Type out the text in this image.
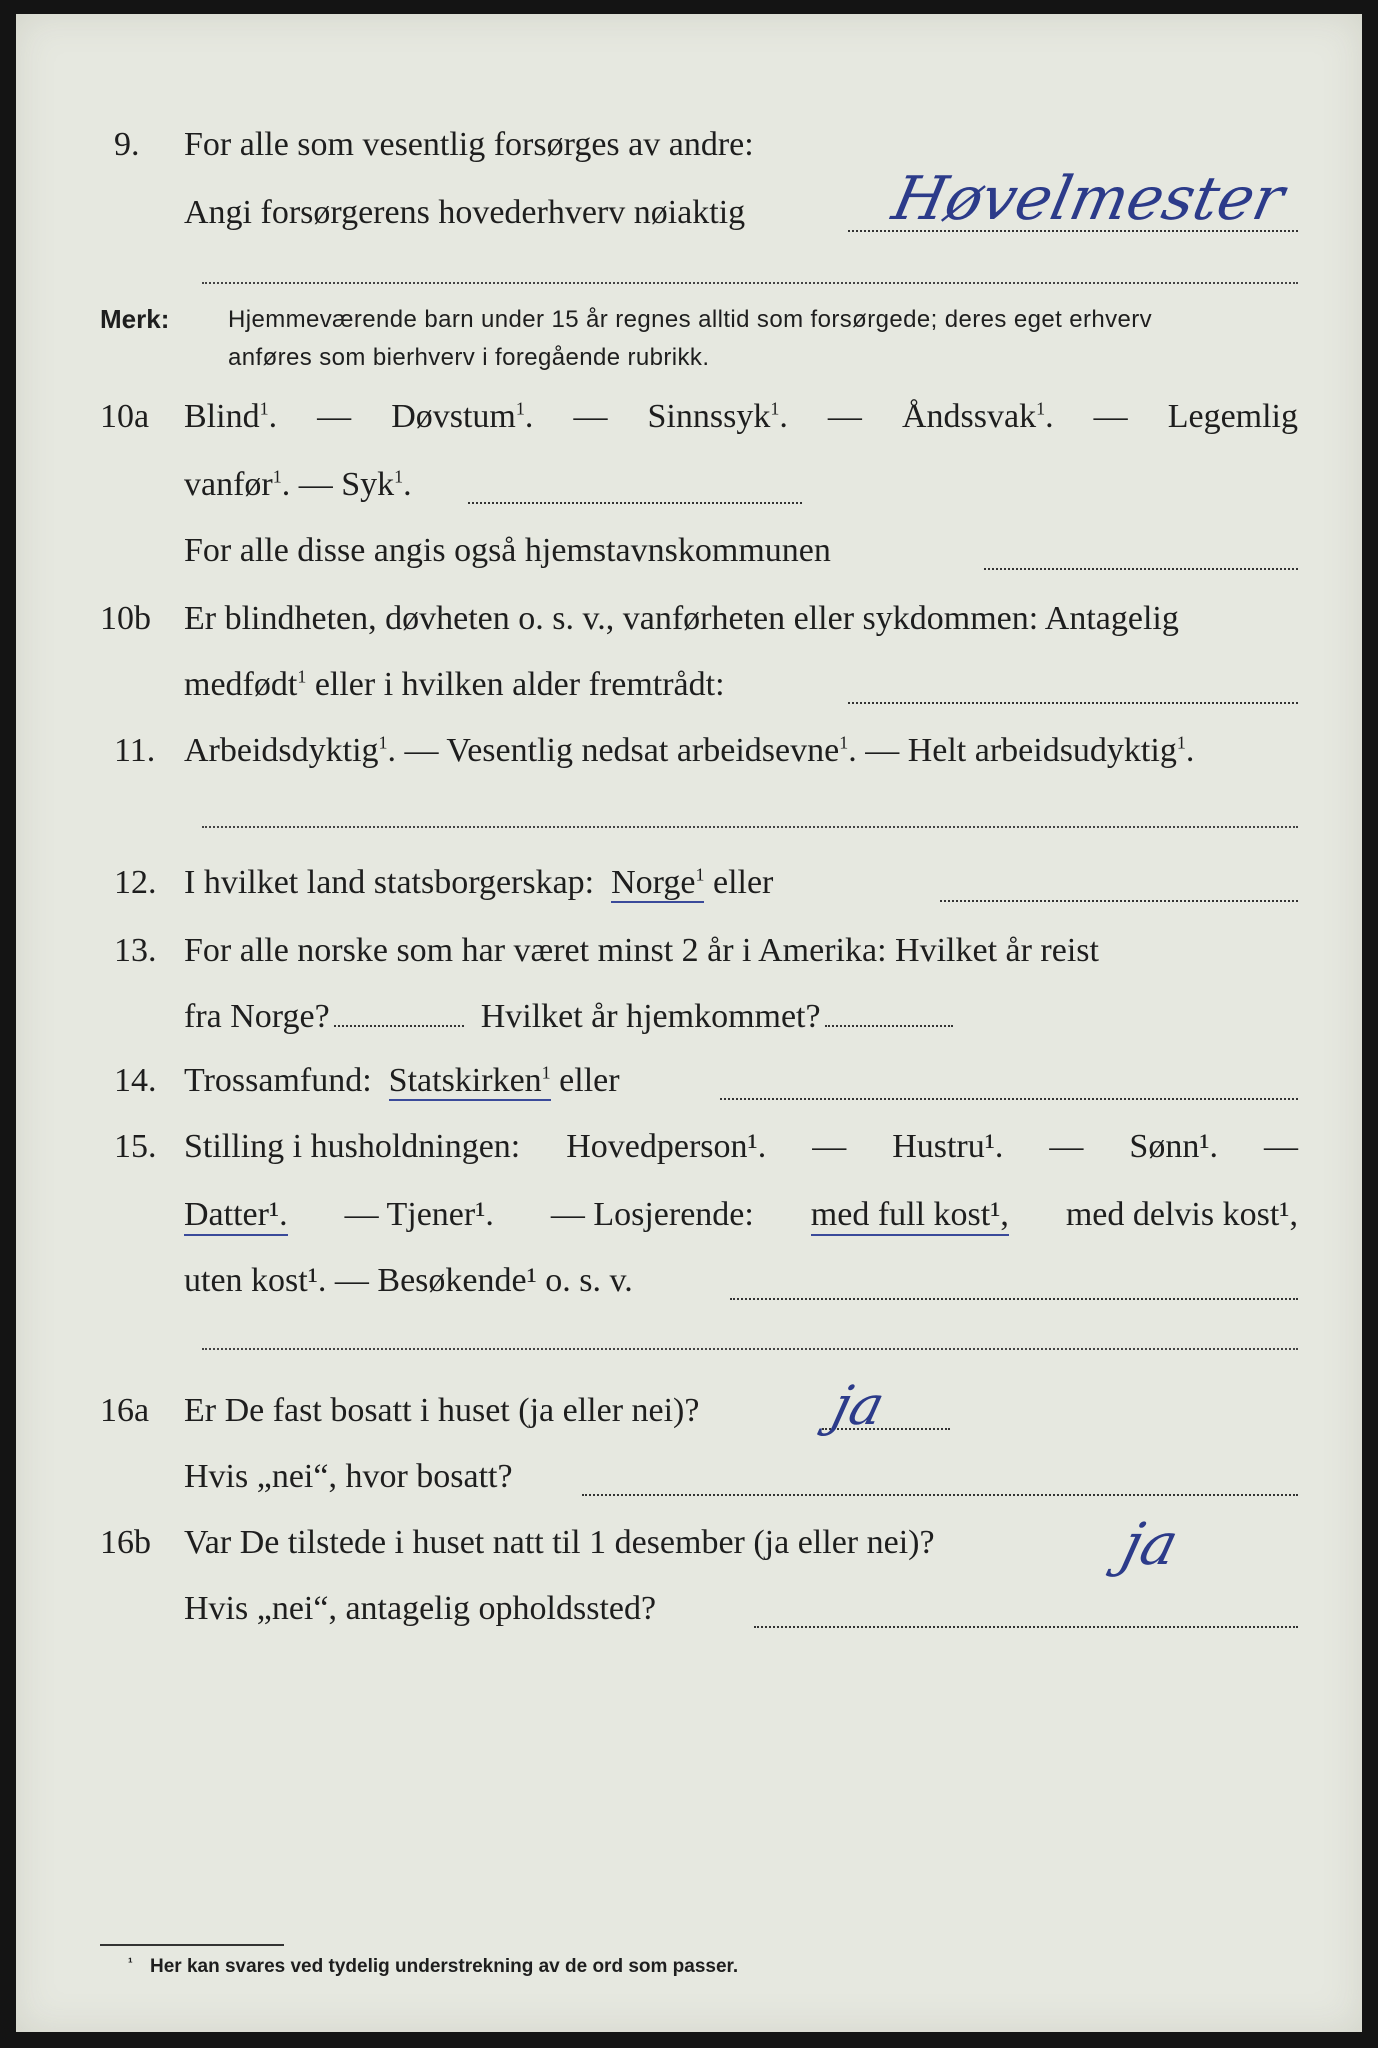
9. For alle som vesentlig forsørges av andre:
Angi forsørgerens hovederhverv nøiaktig Høvelmester
Merk: Hjemmeværende barn under 15 år regnes alltid som forsørgede; deres eget erhverv
anføres som bierhverv i foregående rubrikk.
10a Blind$^1$. — Døvstum$^1$. — Sinnssyk$^1$. — Åndssvak$^1$. — Legemlig
vanfør$^1$. — Syk$^1$.
For alle disse angis også hjemstavnskommunen
10b Er blindheten, døvheten o. s. v., vanførheten eller sykdommen: Antagelig
medfødt$^1$ eller i hvilken alder fremtrådt:
11. Arbeidsdyktig$^1$. — Vesentlig nedsat arbeidsevne$^1$. — Helt arbeidsudyktig$^1$.
12. I hvilket land statsborgerskap: Norge$^1$ eller
13. For alle norske som har været minst 2 år i Amerika: Hvilket år reist
fra Norge?	Hvilket år hjemkommet?
14. Trossamfund: Statskirken$^1$ eller
15. Stilling i husholdningen: Hovedperson¹. — Hustru¹. — Sønn¹. —
Datter¹. — Tjener¹. — Losjerende: med full kost¹, med delvis kost¹,
uten kost¹. — Besøkende¹ o. s. v.
16a Er De fast bosatt i huset (ja eller nei)? ja
Hvis „nei“, hvor bosatt?
16b Var De tilstede i huset natt til 1 desember (ja eller nei)?	ja
Hvis „nei“, antagelig opholdssted?
¹ Her kan svares ved tydelig understrekning av de ord som passer.
